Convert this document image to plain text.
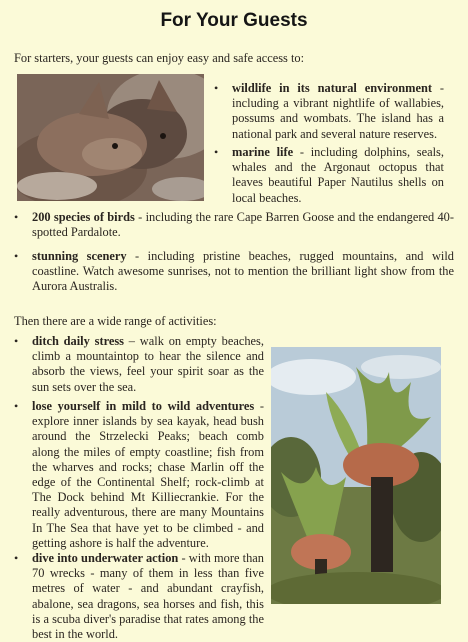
For Your Guests

For starters, your guests can enjoy easy and safe access to:

• wildlife in its natural environment - including a vibrant nightlife of wallabies, possums and wombats. The island has a national park and several nature reserves.

• marine life - including dolphins, seals, whales and the Argonaut octopus that leaves beautiful Paper Nautilus shells on local beaches.

• 200 species of birds - including the rare Cape Barren Goose and the endangered 40-spotted Pardalote.

• stunning scenery - including pristine beaches, rugged mountains, and wild coastline. Watch awesome sunrises, not to mention the brilliant light show from the Aurora Australis.

Then there are a wide range of activities:

• ditch daily stress – walk on empty beaches, climb a mountaintop to hear the silence and absorb the views, feel your spirit soar as the sun sets over the sea.

• lose yourself in mild to wild adventures - explore inner islands by sea kayak, head bush around the Strzelecki Peaks; beach comb along the miles of empty coastline; fish from the wharves and rocks; chase Marlin off the edge of the Continental Shelf; rock-climb at The Dock behind Mt Killiecrankie. For the really adventurous, there are many Mountains In The Sea that have yet to be climbed - and getting ashore is half the adventure.

• dive into underwater action - with more than 70 wrecks - many of them in less than five metres of water - and abundant crayfish, abalone, sea dragons, sea horses and fish, this is a scuba diver's paradise that rates among the best in the world.
